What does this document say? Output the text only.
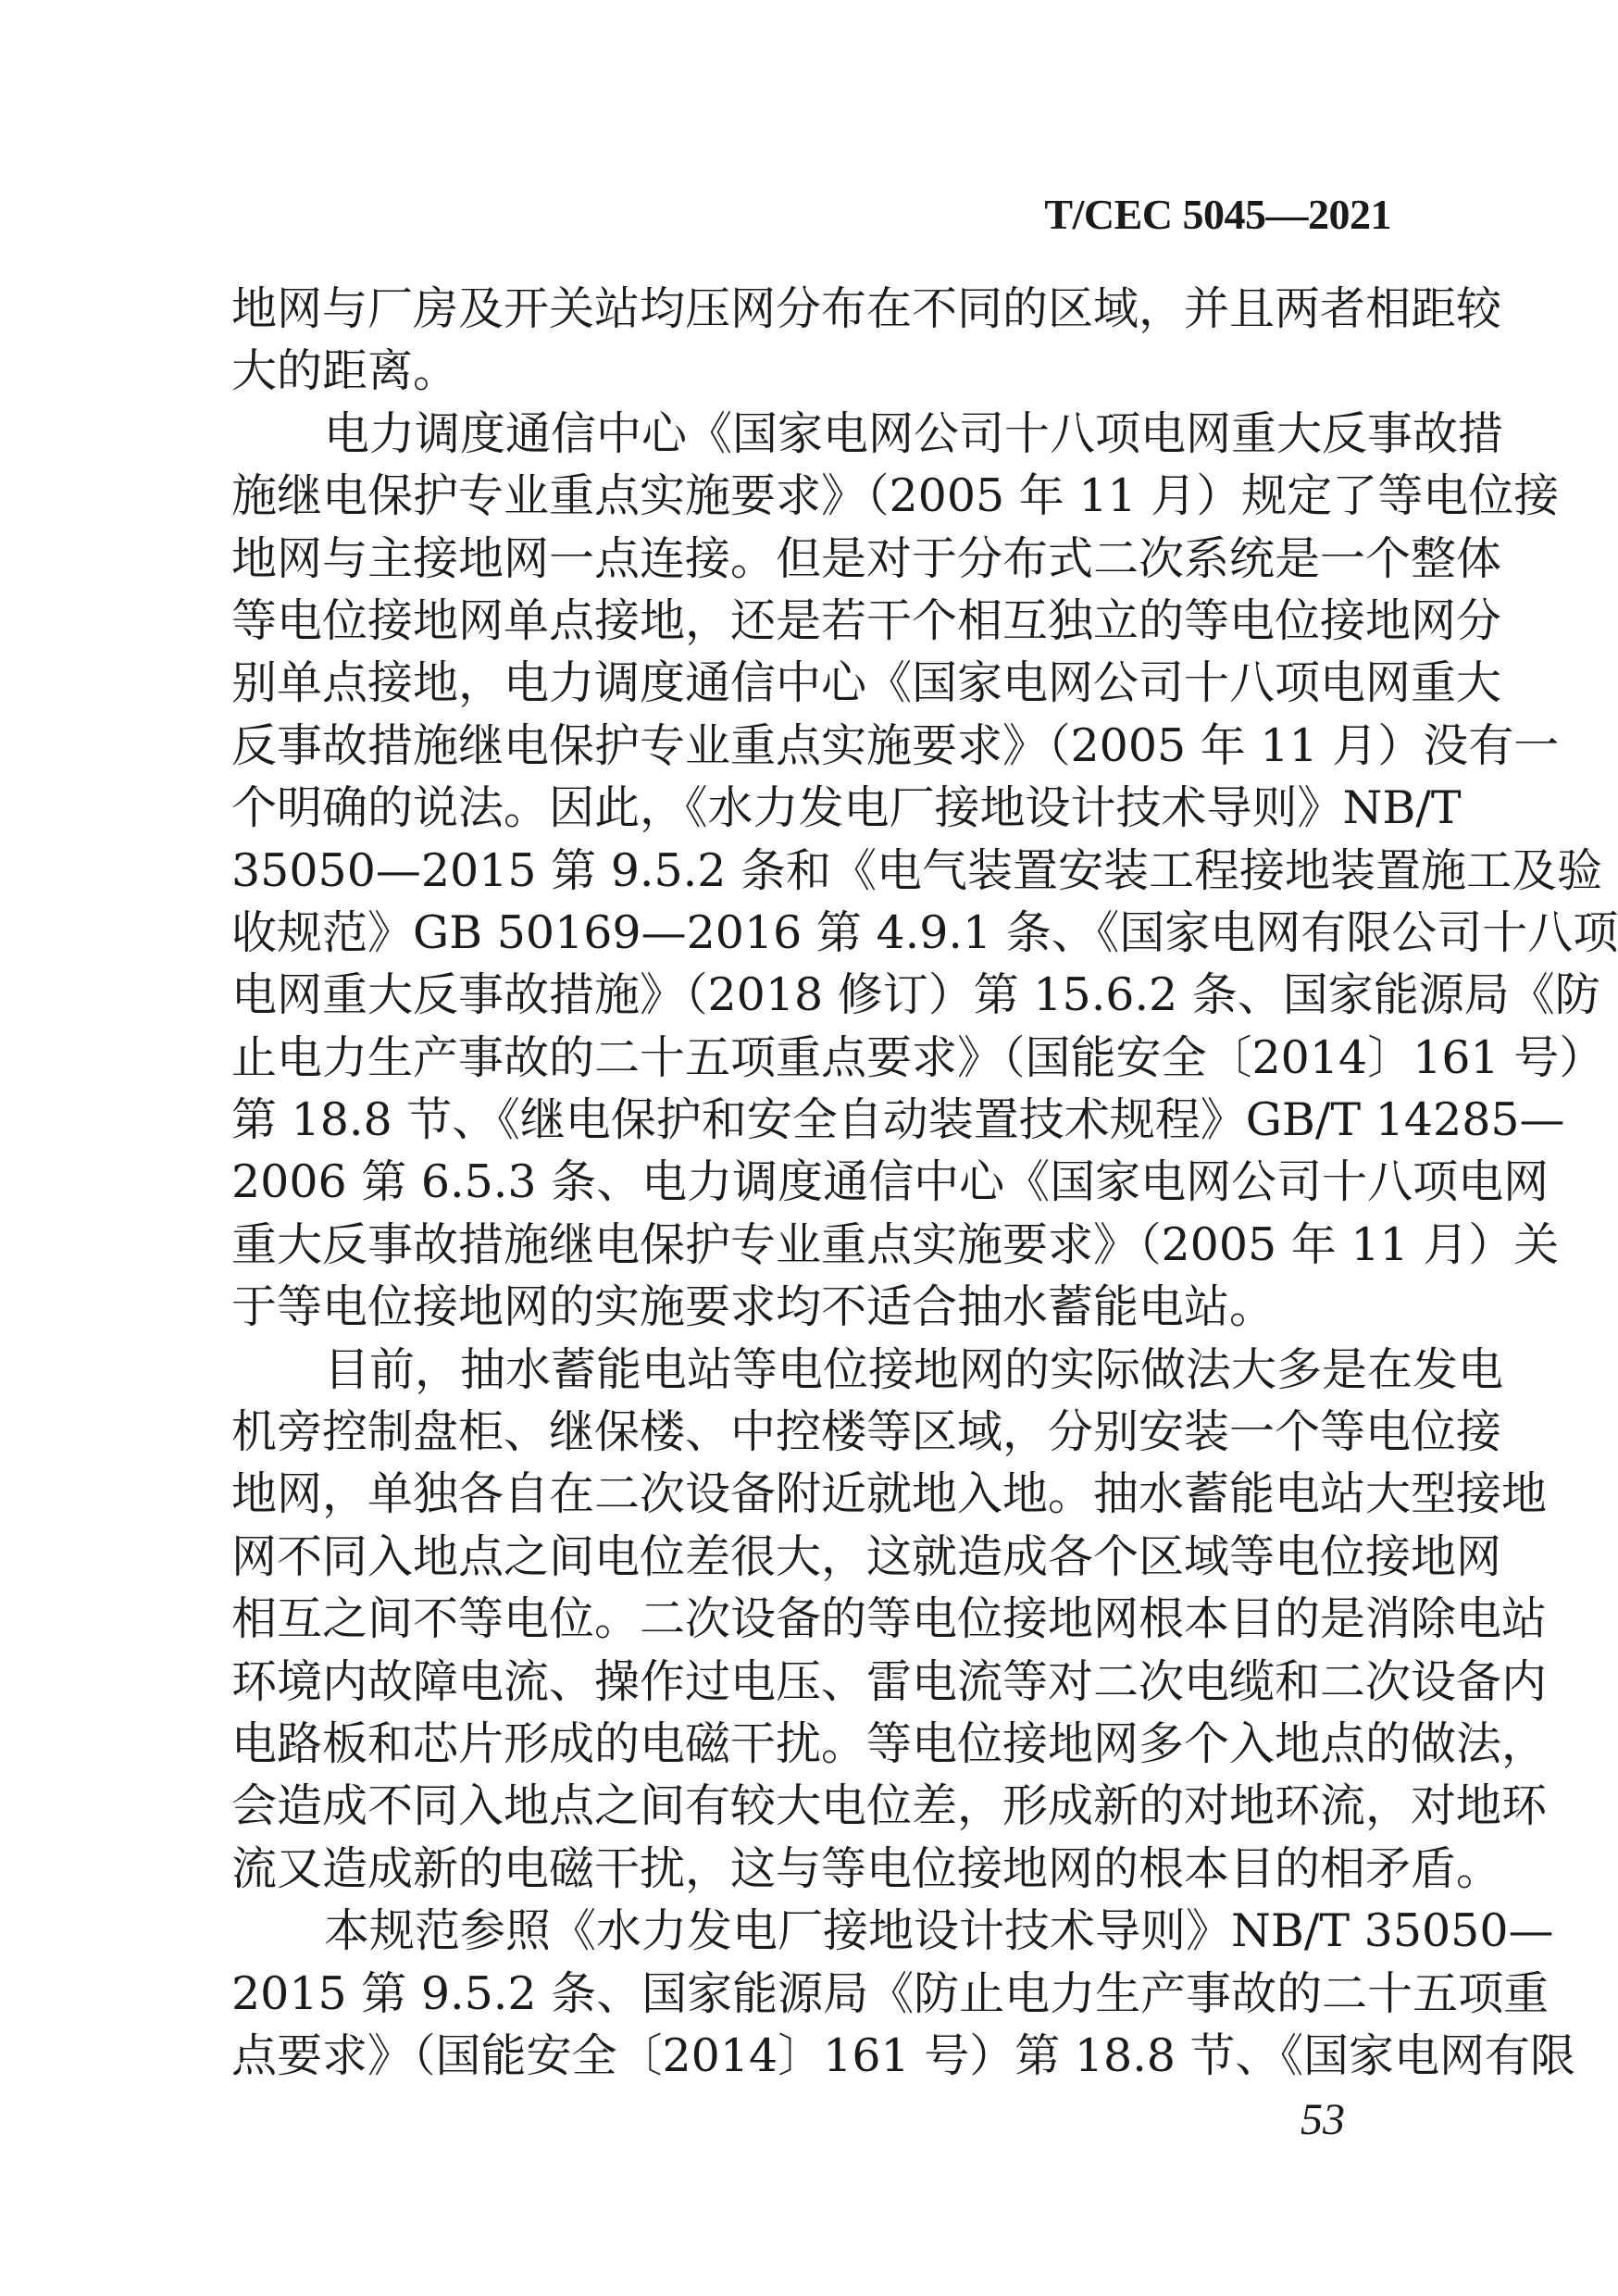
T/CEC 5045—2021
地网与厂房及开关站均压网分布在不同的区域，并且两者相距较
大的距离。
电力调度通信中心《国家电网公司十八项电网重大反事故措
施继电保护专业重点实施要求》（2005 年 11 月）规定了等电位接
地网与主接地网一点连接。但是对于分布式二次系统是一个整体
等电位接地网单点接地，还是若干个相互独立的等电位接地网分
别单点接地，电力调度通信中心《国家电网公司十八项电网重大
反事故措施继电保护专业重点实施要求》（2005 年 11 月）没有一
个明确的说法。因此，《水力发电厂接地设计技术导则》NB/T
35050—2015 第 9.5.2 条和《电气装置安装工程接地装置施工及验
收规范》GB 50169—2016 第 4.9.1 条、《国家电网有限公司十八项
电网重大反事故措施》（2018 修订）第 15.6.2 条、国家能源局《防
止电力生产事故的二十五项重点要求》（国能安全〔2014〕161 号）
第 18.8 节、《继电保护和安全自动装置技术规程》GB/T 14285—
2006 第 6.5.3 条、电力调度通信中心《国家电网公司十八项电网
重大反事故措施继电保护专业重点实施要求》（2005 年 11 月）关
于等电位接地网的实施要求均不适合抽水蓄能电站。
目前，抽水蓄能电站等电位接地网的实际做法大多是在发电
机旁控制盘柜、继保楼、中控楼等区域，分别安装一个等电位接
地网，单独各自在二次设备附近就地入地。抽水蓄能电站大型接地
网不同入地点之间电位差很大，这就造成各个区域等电位接地网
相互之间不等电位。二次设备的等电位接地网根本目的是消除电站
环境内故障电流、操作过电压、雷电流等对二次电缆和二次设备内
电路板和芯片形成的电磁干扰。等电位接地网多个入地点的做法，
会造成不同入地点之间有较大电位差，形成新的对地环流，对地环
流又造成新的电磁干扰，这与等电位接地网的根本目的相矛盾。
本规范参照《水力发电厂接地设计技术导则》NB/T 35050—
2015 第 9.5.2 条、国家能源局《防止电力生产事故的二十五项重
点要求》（国能安全〔2014〕161 号）第 18.8 节、《国家电网有限
53
